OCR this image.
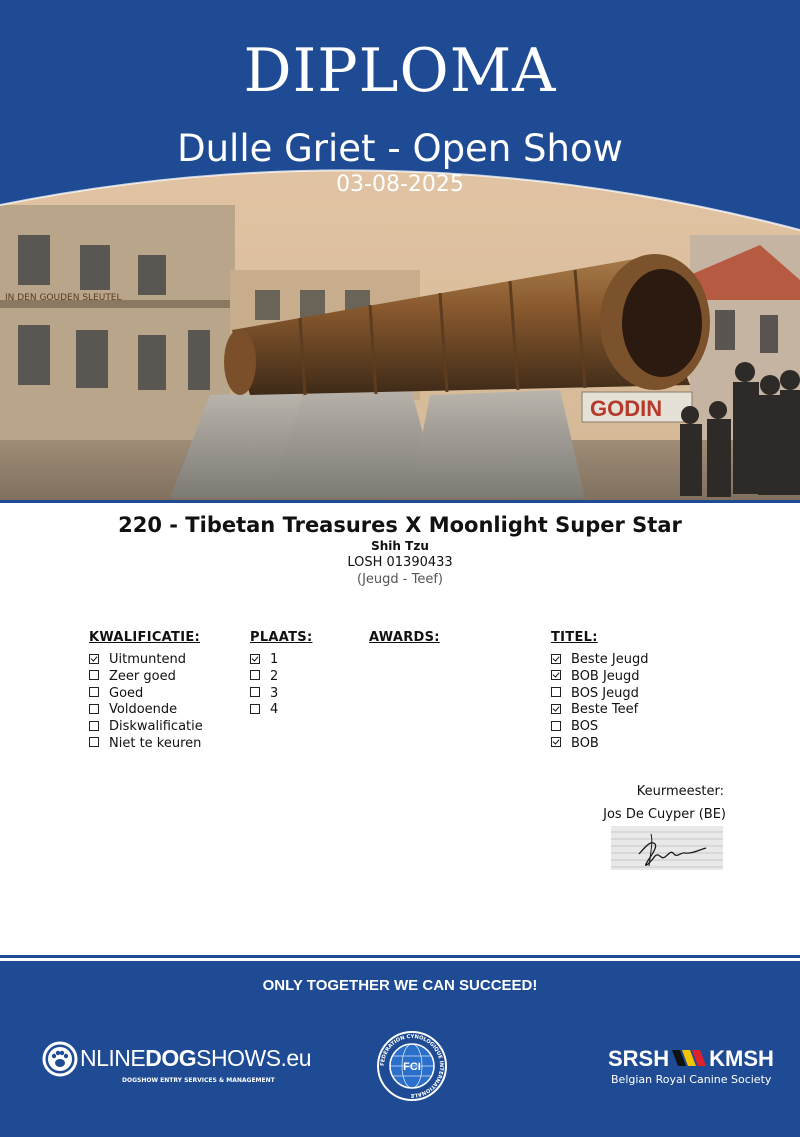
IN DEN GOUDEN SLEUTEL
GODIN
DIPLOMA
Dulle Griet - Open Show
03-08-2025
220 - Tibetan Treasures X Moonlight Super Star
Shih Tzu
LOSH 01390433
(Jeugd - Teef)
KWALIFICATIE:
Uitmuntend
Zeer goed
Goed
Voldoende
Diskwalificatie
Niet te keuren
PLAATS:
1
2
3
4
AWARDS:	TITEL:
Beste Jeugd
BOB Jeugd
BOS Jeugd
Beste Teef
BOS
BOB
Keurmeester:
Jos De Cuyper (BE)
ONLY TOGETHER WE CAN SUCCEED!
NLINEDOGSHOWS.eu
DOGSHOW ENTRY SERVICES & MANAGEMENT
FEDERATION CYNOLOGIQUE INTERNATIONALE
FCI	SRSH KMSH
Belgian Royal Canine Society
